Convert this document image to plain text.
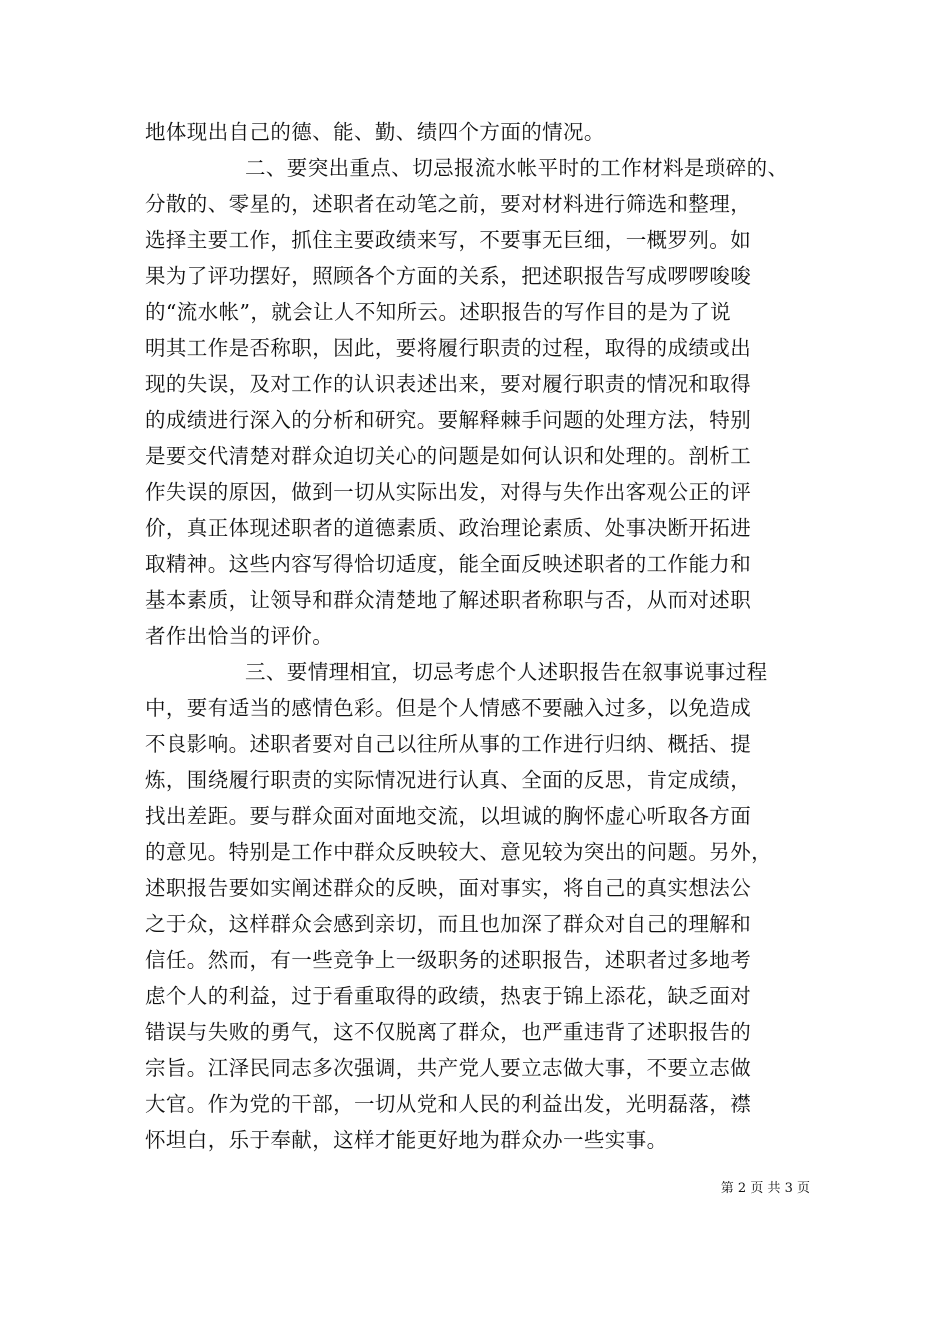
地体现出自己的德、能、勤、绩四个方面的情况。
二、要突出重点、切忌报流水帐平时的工作材料是琐碎的、
分散的、零星的，述职者在动笔之前，要对材料进行筛选和整理，
选择主要工作，抓住主要政绩来写，不要事无巨细，一概罗列。如
果为了评功摆好，照顾各个方面的关系，把述职报告写成啰啰唆唆
的“流水帐”，就会让人不知所云。述职报告的写作目的是为了说
明其工作是否称职，因此，要将履行职责的过程，取得的成绩或出
现的失误，及对工作的认识表述出来，要对履行职责的情况和取得
的成绩进行深入的分析和研究。要解释棘手问题的处理方法，特别
是要交代清楚对群众迫切关心的问题是如何认识和处理的。剖析工
作失误的原因，做到一切从实际出发，对得与失作出客观公正的评
价，真正体现述职者的道德素质、政治理论素质、处事决断开拓进
取精神。这些内容写得恰切适度，能全面反映述职者的工作能力和
基本素质，让领导和群众清楚地了解述职者称职与否，从而对述职
者作出恰当的评价。
三、要情理相宜，切忌考虑个人述职报告在叙事说事过程
中，要有适当的感情色彩。但是个人情感不要融入过多，以免造成
不良影响。述职者要对自己以往所从事的工作进行归纳、概括、提
炼，围绕履行职责的实际情况进行认真、全面的反思，肯定成绩，
找出差距。要与群众面对面地交流，以坦诚的胸怀虚心听取各方面
的意见。特别是工作中群众反映较大、意见较为突出的问题。另外，
述职报告要如实阐述群众的反映，面对事实，将自己的真实想法公
之于众，这样群众会感到亲切，而且也加深了群众对自己的理解和
信任。然而，有一些竞争上一级职务的述职报告，述职者过多地考
虑个人的利益，过于看重取得的政绩，热衷于锦上添花，缺乏面对
错误与失败的勇气，这不仅脱离了群众，也严重违背了述职报告的
宗旨。江泽民同志多次强调，共产党人要立志做大事，不要立志做
大官。作为党的干部，一切从党和人民的利益出发，光明磊落，襟
怀坦白，乐于奉献，这样才能更好地为群众办一些实事。
第 2 页 共 3 页
